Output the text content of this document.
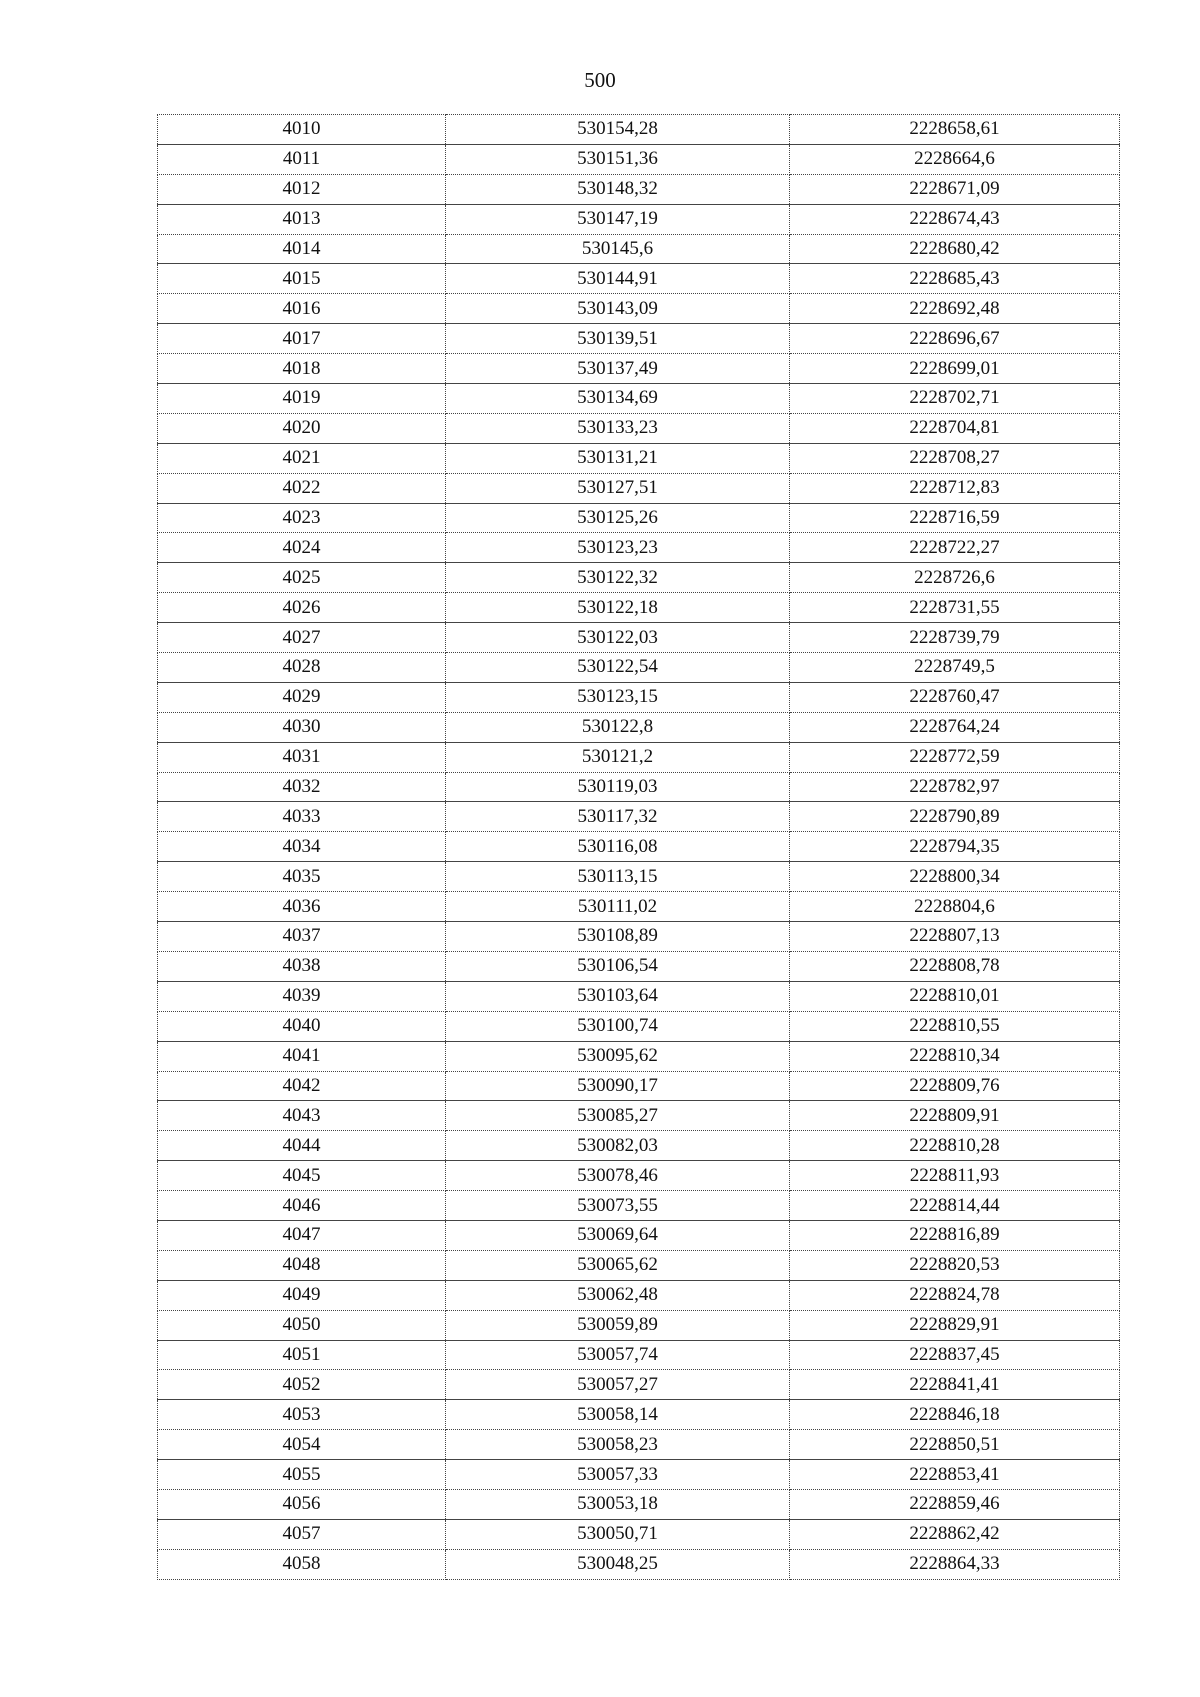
500
4010	530154,28	2228658,61
4011	530151,36	2228664,6
4012	530148,32	2228671,09
4013	530147,19	2228674,43
4014	530145,6	2228680,42
4015	530144,91	2228685,43
4016	530143,09	2228692,48
4017	530139,51	2228696,67
4018	530137,49	2228699,01
4019	530134,69	2228702,71
4020	530133,23	2228704,81
4021	530131,21	2228708,27
4022	530127,51	2228712,83
4023	530125,26	2228716,59
4024	530123,23	2228722,27
4025	530122,32	2228726,6
4026	530122,18	2228731,55
4027	530122,03	2228739,79
4028	530122,54	2228749,5
4029	530123,15	2228760,47
4030	530122,8	2228764,24
4031	530121,2	2228772,59
4032	530119,03	2228782,97
4033	530117,32	2228790,89
4034	530116,08	2228794,35
4035	530113,15	2228800,34
4036	530111,02	2228804,6
4037	530108,89	2228807,13
4038	530106,54	2228808,78
4039	530103,64	2228810,01
4040	530100,74	2228810,55
4041	530095,62	2228810,34
4042	530090,17	2228809,76
4043	530085,27	2228809,91
4044	530082,03	2228810,28
4045	530078,46	2228811,93
4046	530073,55	2228814,44
4047	530069,64	2228816,89
4048	530065,62	2228820,53
4049	530062,48	2228824,78
4050	530059,89	2228829,91
4051	530057,74	2228837,45
4052	530057,27	2228841,41
4053	530058,14	2228846,18
4054	530058,23	2228850,51
4055	530057,33	2228853,41
4056	530053,18	2228859,46
4057	530050,71	2228862,42
4058	530048,25	2228864,33
